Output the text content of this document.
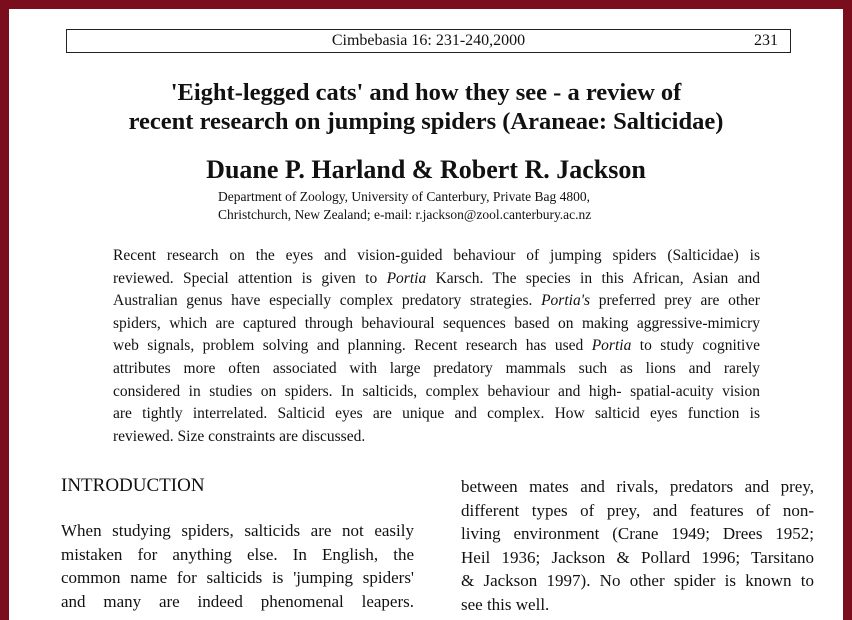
Cimbebasia 16: 231-240,2000	231
'Eight-legged cats' and how they see - a review of
recent research on jumping spiders (Araneae: Salticidae)
Duane P. Harland & Robert R. Jackson
Department of Zoology, University of Canterbury, Private Bag 4800,
Christchurch, New Zealand; e-mail: r.jackson@zool.canterbury.ac.nz
Recent research on the eyes and vision-guided behaviour of jumping spiders (Salticidae) is
reviewed. Special attention is given to Portia Karsch. The species in this African, Asian and
Australian genus have especially complex predatory strategies. Portia's preferred prey are other
spiders, which are captured through behavioural sequences based on making aggressive-mimicry
web signals, problem solving and planning. Recent research has used Portia to study cognitive
attributes more often associated with large predatory mammals such as lions and rarely
considered in studies on spiders. In salticids, complex behaviour and high- spatial-acuity vision
are tightly interrelated. Salticid eyes are unique and complex. How salticid eyes function is
reviewed. Size constraints are discussed.
INTRODUCTION
When studying spiders, salticids are not easily
mistaken for anything else. In English, the
common name for salticids is 'jumping spiders'
and many are indeed phenomenal leapers.
between mates and rivals, predators and prey,
different types of prey, and features of non-
living environment (Crane 1949; Drees 1952;
Heil 1936; Jackson & Pollard 1996; Tarsitano
& Jackson 1997). No other spider is known to
see this well.
